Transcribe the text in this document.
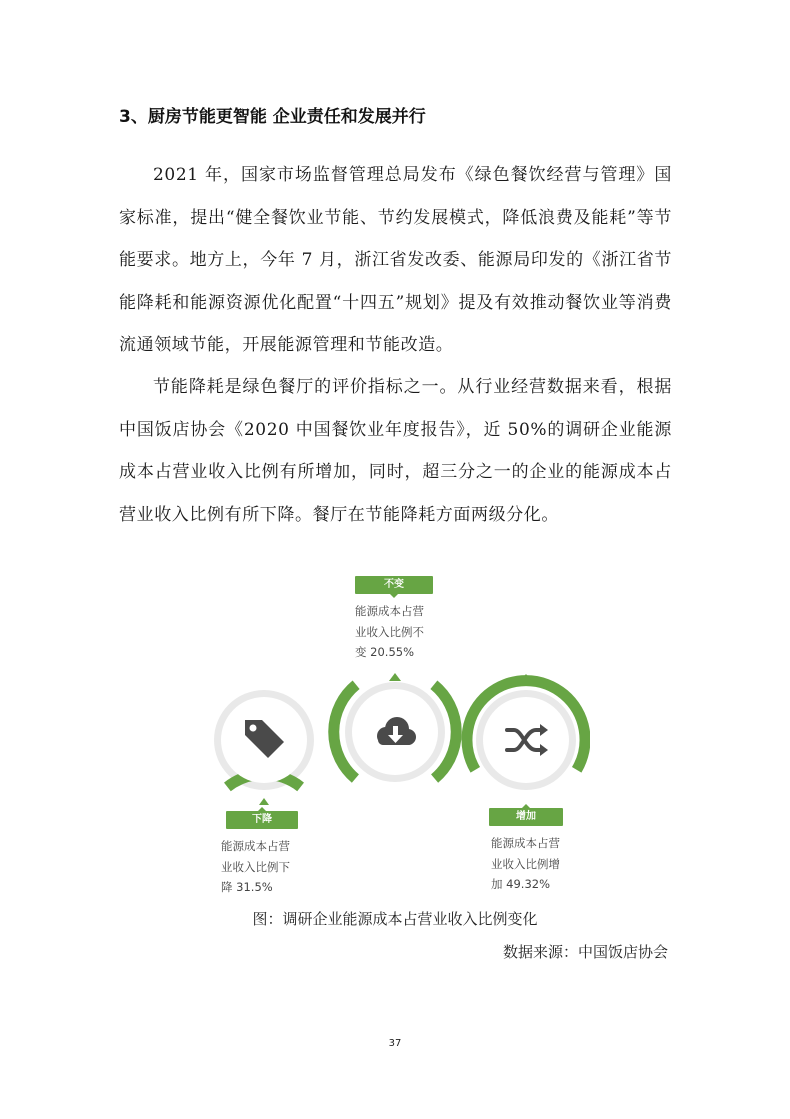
3、厨房节能更智能 企业责任和发展并行

2021 年，国家市场监督管理总局发布《绿色餐饮经营与管理》国家标准，提出“健全餐饮业节能、节约发展模式，降低浪费及能耗”等节能要求。地方上，今年 7 月，浙江省发改委、能源局印发的《浙江省节能降耗和能源资源优化配置“十四五”规划》提及有效推动餐饮业等消费流通领域节能，开展能源管理和节能改造。

节能降耗是绿色餐厅的评价指标之一。从行业经营数据来看，根据中国饭店协会《2020 中国餐饮业年度报告》，近 50%的调研企业能源成本占营业收入比例有所增加，同时，超三分之一的企业的能源成本占营业收入比例有所下降。餐厅在节能降耗方面两级分化。

不变
下降	增加
能源成本占营
业收入比例不
变 20.55%
能源成本占营
业收入比例下
降 31.5%
能源成本占营
业收入比例增
加 49.32%
图：调研企业能源成本占营业收入比例变化
数据来源：中国饭店协会
37
